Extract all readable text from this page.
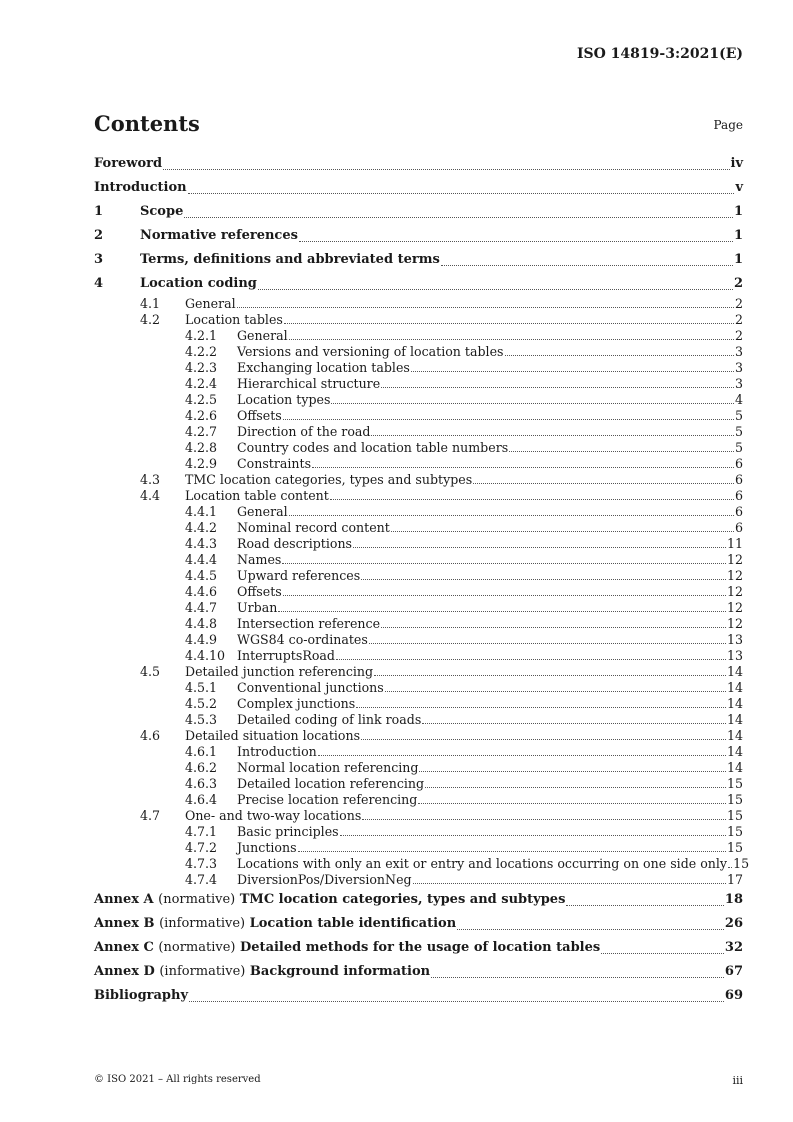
ISO 14819-3:2021(E)
Contents	Page
Foreword	iv
Introduction	v
1	Scope	1
2	Normative references	1
3	Terms, definitions and abbreviated terms	1
4	Location coding	2
4.1	General	2
4.2	Location tables	2
4.2.1	General	2
4.2.2	Versions and versioning of location tables	3
4.2.3	Exchanging location tables	3
4.2.4	Hierarchical structure	3
4.2.5	Location types	4
4.2.6	Offsets	5
4.2.7	Direction of the road	5
4.2.8	Country codes and location table numbers	5
4.2.9	Constraints	6
4.3	TMC location categories, types and subtypes	6
4.4	Location table content	6
4.4.1	General	6
4.4.2	Nominal record content	6
4.4.3	Road descriptions	11
4.4.4	Names	12
4.4.5	Upward references	12
4.4.6	Offsets	12
4.4.7	Urban	12
4.4.8	Intersection reference	12
4.4.9	WGS84 co-ordinates	13
4.4.10 InterruptsRoad	13
4.5	Detailed junction referencing	14
4.5.1	Conventional junctions	14
4.5.2	Complex junctions	14
4.5.3	Detailed coding of link roads	14
4.6	Detailed situation locations	14
4.6.1	Introduction	14
4.6.2	Normal location referencing	14
4.6.3	Detailed location referencing	15
4.6.4	Precise location referencing	15
4.7	One- and two-way locations	15
4.7.1	Basic principles	15
4.7.2	Junctions	15
4.7.3	Locations with only an exit or entry and locations occurring on one side only 15
4.7.4	DiversionPos/DiversionNeg	17
Annex A (normative) TMC location categories, types and subtypes	18
Annex B (informative) Location table identification	26
Annex C (normative) Detailed methods for the usage of location tables	32
Annex D (informative) Background information	67
Bibliography	69
© ISO 2021 – All rights reserved	iii
